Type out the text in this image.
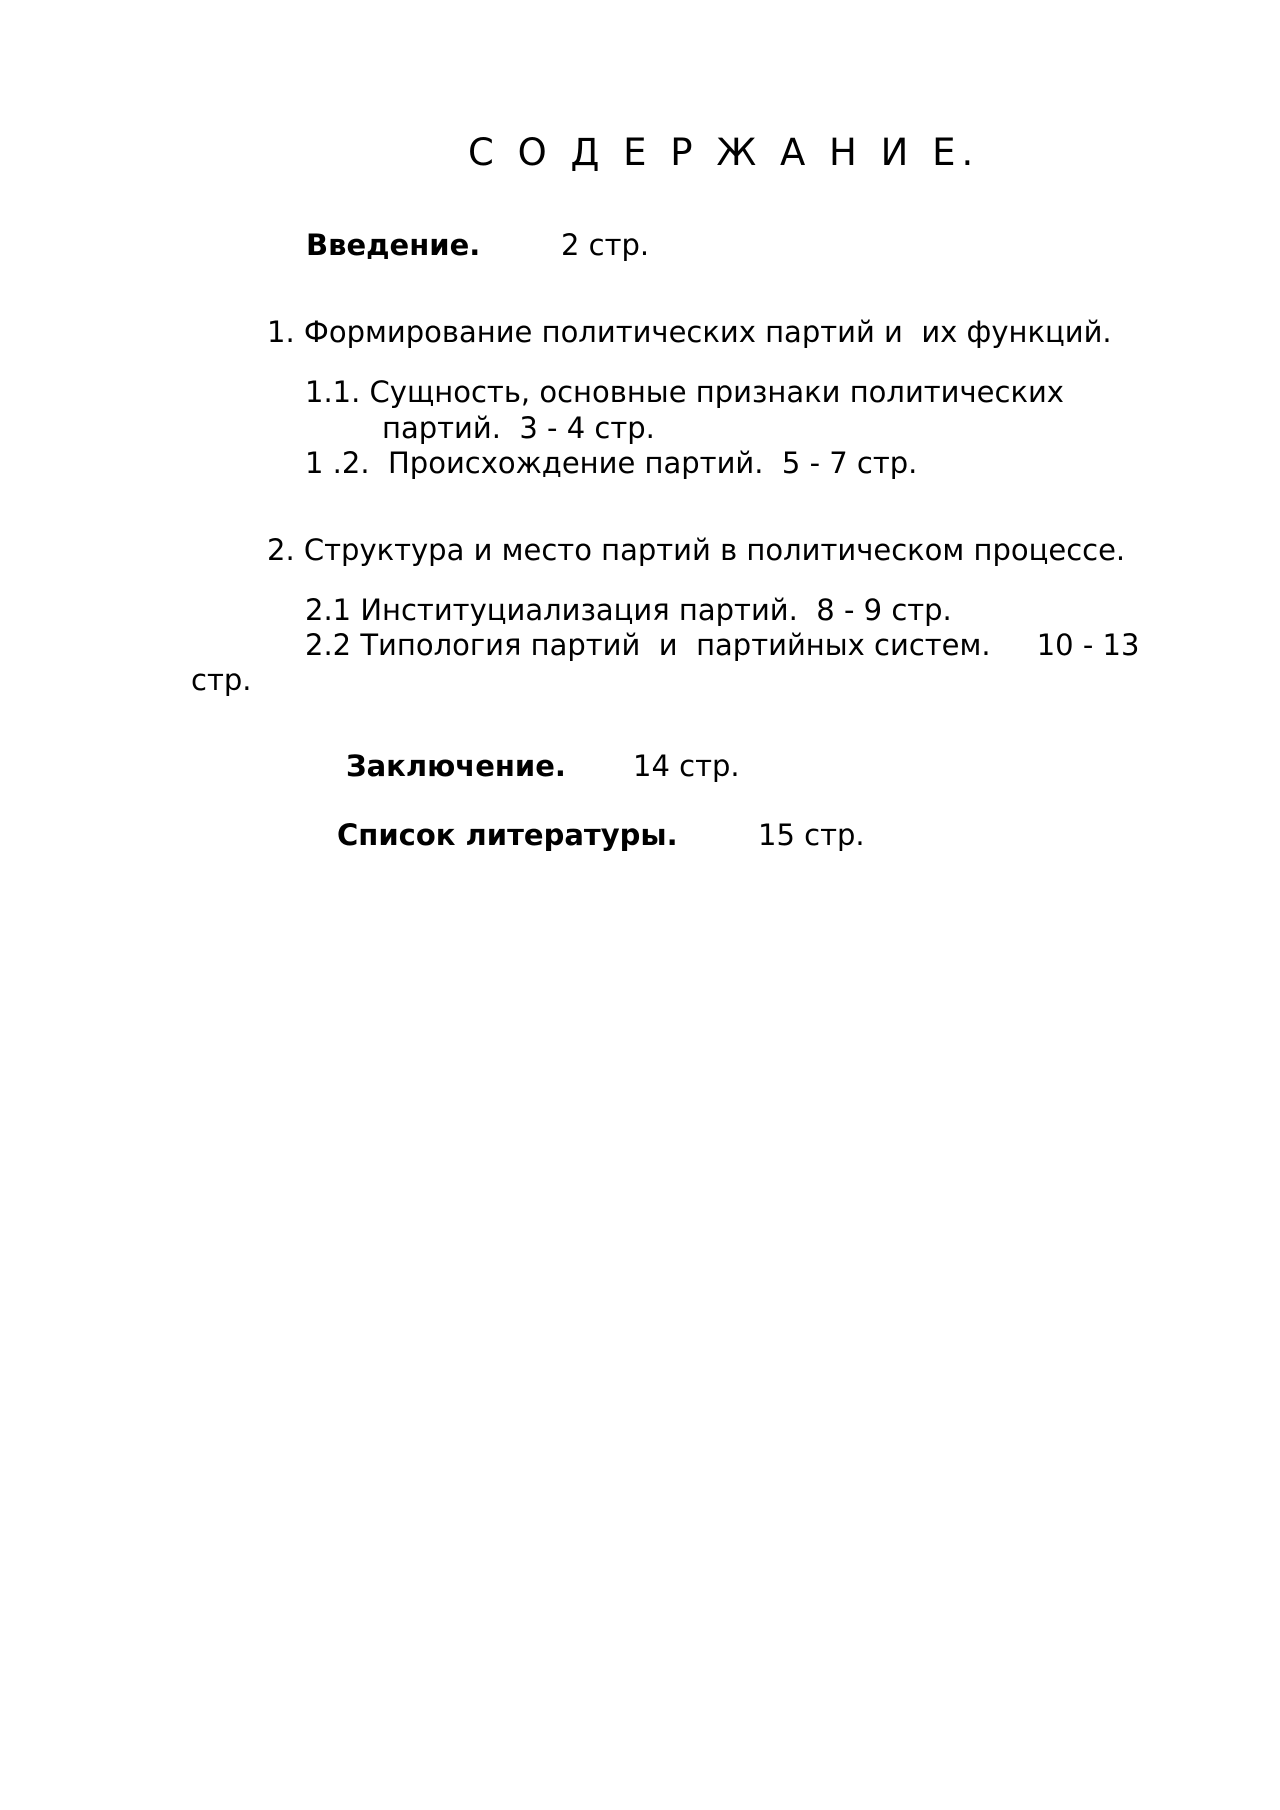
С О Д Е Р Ж А Н И Е.
Введение.	2 стр.
1. Формирование политических партий и  их функций.
1.1. Сущность, основные признаки политических
партий.  3 - 4 стр.
1 .2.  Происхождение партий.  5 - 7 стр.
2. Структура и место партий в политическом процессе.
2.1 Институциализация партий.  8 - 9 стр.
2.2 Типология партий  и  партийных систем.     10 - 13
стр.
Заключение. 14 стр.
Список литературы.	15 стр.
